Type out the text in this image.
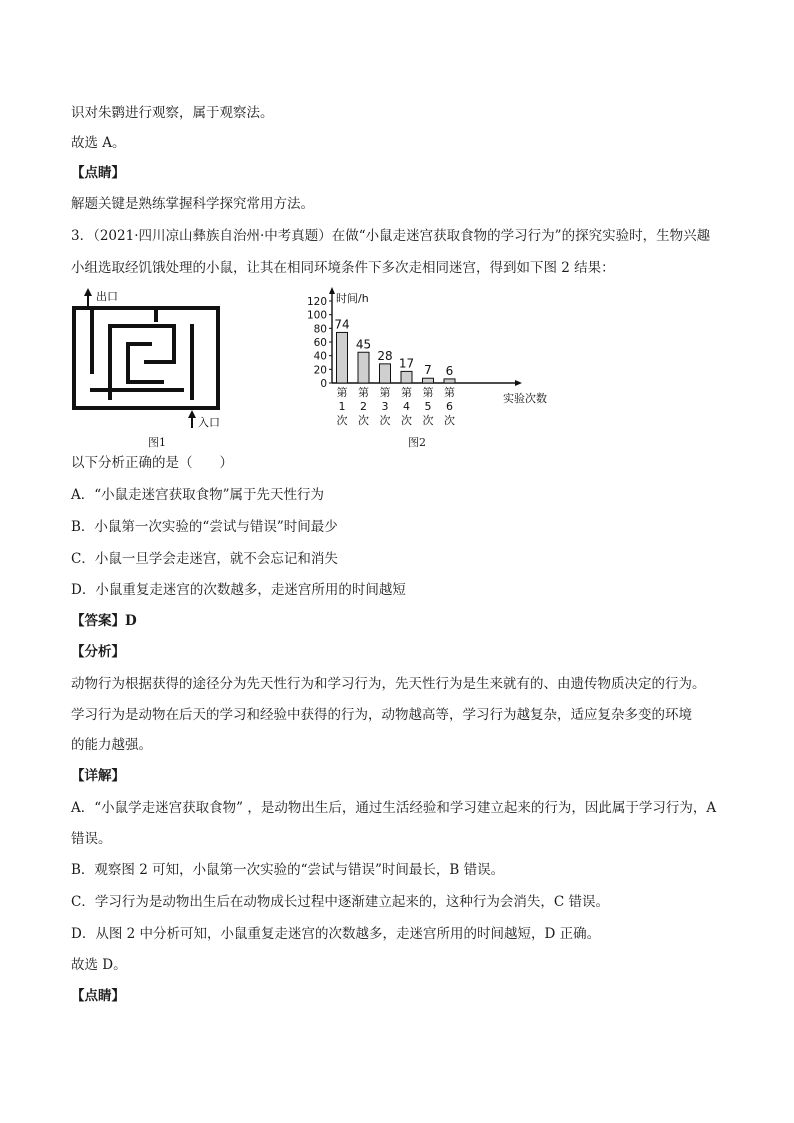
识对朱鹮进行观察，属于观察法。
故选 A。
【点睛】
解题关键是熟练掌握科学探究常用方法。
3．（2021·四川凉山彝族自治州·中考真题）在做“小鼠走迷宫获取食物的学习行为”的探究实验时，生物兴趣
小组选取经饥饿处理的小鼠，让其在相同环境条件下多次走相同迷宫，得到如下图 2 结果：
出口
入口
图1
0
20
40
60
80
100
120 时间/h
实验次数
74
第
1
次
45
第
2
次
28
第
3
次
17
第
4
次
7
第
5
次
6
第
6
次
图2
以下分析正确的是（　　）
A．“小鼠走迷宫获取食物”属于先天性行为
B．小鼠第一次实验的“尝试与错误”时间最少
C．小鼠一旦学会走迷宫，就不会忘记和消失
D．小鼠重复走迷宫的次数越多，走迷宫所用的时间越短
【答案】D
【分析】
动物行为根据获得的途径分为先天性行为和学习行为，先天性行为是生来就有的、由遗传物质决定的行为。
学习行为是动物在后天的学习和经验中获得的行为，动物越高等，学习行为越复杂，适应复杂多变的环境
的能力越强。
【详解】
A．“小鼠学走迷宫获取食物” ，是动物出生后，通过生活经验和学习建立起来的行为，因此属于学习行为，A
错误。
B．观察图 2 可知，小鼠第一次实验的“尝试与错误”时间最长，B 错误。
C．学习行为是动物出生后在动物成长过程中逐渐建立起来的，这种行为会消失，C 错误。
D．从图 2 中分析可知，小鼠重复走迷宫的次数越多，走迷宫所用的时间越短，D 正确。
故选 D。
【点睛】
